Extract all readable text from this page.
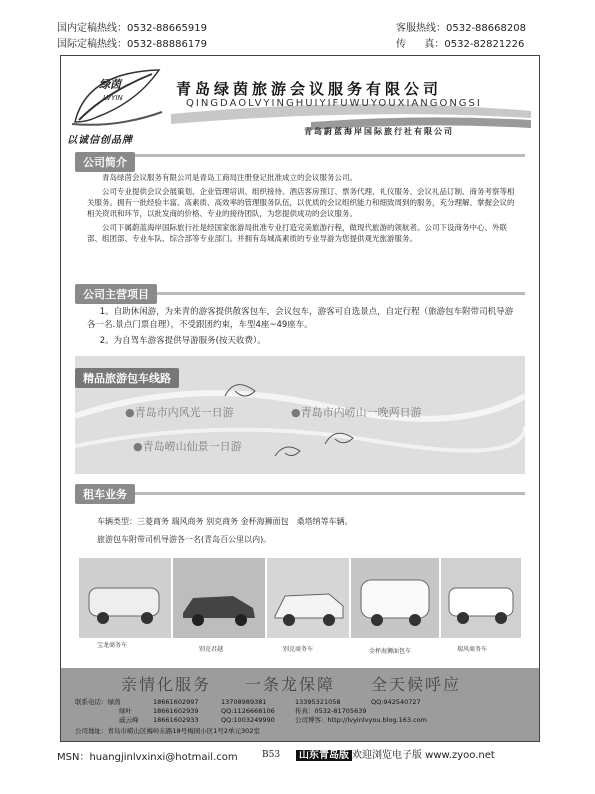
国内定稿热线：0532-88665919
国际定稿热线：0532-88886179
客服热线：0532-88668208
传 真：0532-82821226
绿茵
LVYIN
以诚信创品牌
青岛绿茵旅游会议服务有限公司
QINGDAOLVYINGHUIYIFUWUYOUXIANGONGSI
青岛蔚蓝海岸国际旅行社有限公司
公司简介

青岛绿茵会议服务有限公司是青岛工商局注册登记批准成立的会议服务公司。

公司专业提供会议会展策划、企业管理培训、组织接待、酒店客房预订、票务代理、礼仪服务、会议礼品订制、商务考察等相关服务。拥有一批经验丰富、高素质、高效率的管理服务队伍，以优质的会议组织能力和细致周到的服务，充分理解、掌握会议的相关资讯和环节，以批发商的价格、专业的接待团队，为您提供成功的会议服务。

公司下属蔚蓝海岸国际旅行社是经国家旅游局批准专业打造完美旅游行程，做现代旅游的领航者。公司下设商务中心、外联部、组团部、专业车队、综合部等专业部门。并拥有岛城高素质的专业导游为您提供观光旅游服务。

公司主营项目
1。自助休闲游，为来青的游客提供散客包车，会议包车，游客可自选景点，自定行程（旅游包车附带司机导游各一名.景点门票自理），不受跟团约束，车型4座~49座车。
2。为自驾车游客提供导游服务(按天收费）。
精品旅游包车线路
●青岛市内风光一日游	●青岛市内崂山一晚两日游
●青岛崂山仙景一日游
租车业务
车辆类型：三菱商务 瑞风商务 别克商务 金杯海狮面包　桑塔纳等车辆。
旅游包车附带司机导游各一名(青岛百公里以内)。
宝龙商务车
别克君越	别克商务车	金杯海狮面包车	瑞风商务车
亲情化服务 一条龙保障 全天候呼应
联系电话：绿茵	18661602997	13708989381	13395321058	QQ:942540727
绿叶	18661602939	QQ:1126668106	传真：0532-81705639
戚云峰 18661602933	QQ:1003249990	公司博客：http://lvyinlvyou.blog.163.com
公司地址：青岛市崂山区梅岭东路18号梅园小区1号2单元302室
MSN：huangjinlvxinxi@hotmail.com	B53	山东青岛版 欢迎浏览电子版 www.zyoo.net
